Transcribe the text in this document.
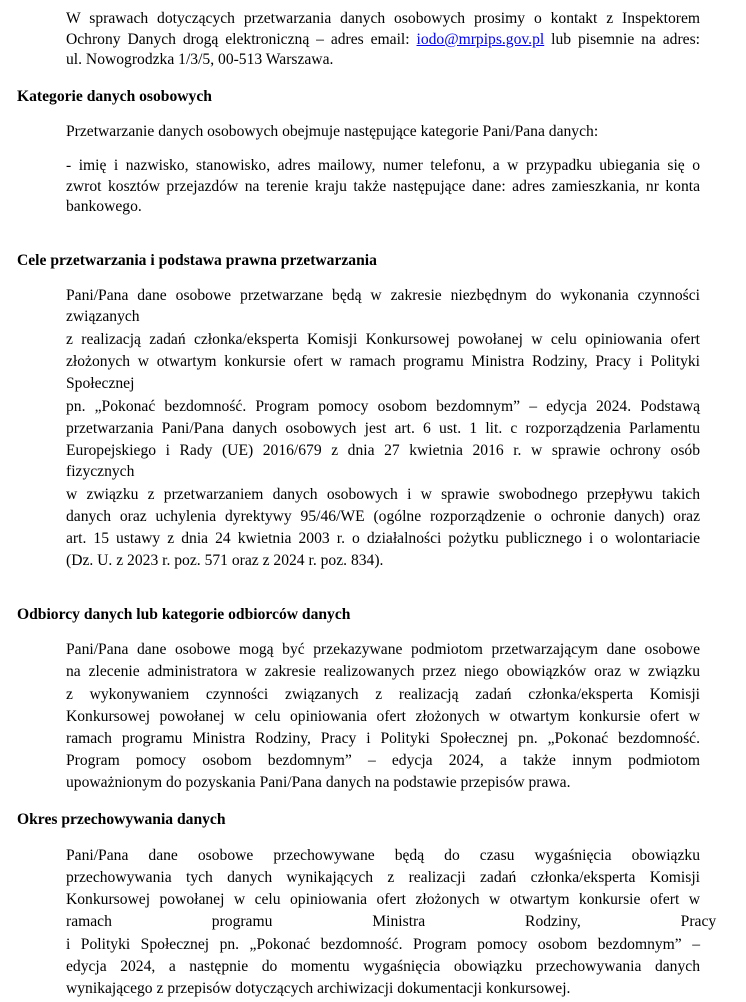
W sprawach dotyczących przetwarzania danych osobowych prosimy o kontakt z Inspektorem
Ochrony Danych drogą elektroniczną – adres email: iodo@mrpips.gov.pl lub pisemnie na adres:
ul. Nowogrodzka 1/3/5, 00-513 Warszawa.
Kategorie danych osobowych
Przetwarzanie danych osobowych obejmuje następujące kategorie Pani/Pana danych:
- imię i nazwisko, stanowisko, adres mailowy, numer telefonu, a w przypadku ubiegania się o
zwrot kosztów przejazdów na terenie kraju także następujące dane: adres zamieszkania, nr konta
bankowego.
Cele przetwarzania i podstawa prawna przetwarzania
Pani/Pana dane osobowe przetwarzane będą w zakresie niezbędnym do wykonania czynności
związanych
z realizacją zadań członka/eksperta Komisji Konkursowej powołanej w celu opiniowania ofert
złożonych w otwartym konkursie ofert w ramach programu Ministra Rodziny, Pracy i Polityki
Społecznej
pn. „Pokonać bezdomność. Program pomocy osobom bezdomnym” – edycja 2024. Podstawą
przetwarzania Pani/Pana danych osobowych jest art. 6 ust. 1 lit. c rozporządzenia Parlamentu
Europejskiego i Rady (UE) 2016/679 z dnia 27 kwietnia 2016 r. w sprawie ochrony osób
fizycznych
w związku z przetwarzaniem danych osobowych i w sprawie swobodnego przepływu takich
danych oraz uchylenia dyrektywy 95/46/WE (ogólne rozporządzenie o ochronie danych) oraz
art. 15 ustawy z dnia 24 kwietnia 2003 r. o działalności pożytku publicznego i o wolontariacie
(Dz. U. z 2023 r. poz. 571 oraz z 2024 r. poz. 834).
Odbiorcy danych lub kategorie odbiorców danych
Pani/Pana dane osobowe mogą być przekazywane podmiotom przetwarzającym dane osobowe
na zlecenie administratora w zakresie realizowanych przez niego obowiązków oraz w związku
z wykonywaniem czynności związanych z realizacją zadań członka/eksperta Komisji
Konkursowej powołanej w celu opiniowania ofert złożonych w otwartym konkursie ofert w
ramach programu Ministra Rodziny, Pracy i Polityki Społecznej pn. „Pokonać bezdomność.
Program pomocy osobom bezdomnym” – edycja 2024, a także innym podmiotom
upoważnionym do pozyskania Pani/Pana danych na podstawie przepisów prawa.
Okres przechowywania danych
Pani/Pana dane osobowe przechowywane będą do czasu wygaśnięcia obowiązku
przechowywania tych danych wynikających z realizacji zadań członka/eksperta Komisji
Konkursowej powołanej w celu opiniowania ofert złożonych w otwartym konkursie ofert w
ramach programu Ministra Rodziny, Pracy
i Polityki Społecznej pn. „Pokonać bezdomność. Program pomocy osobom bezdomnym” –
edycja 2024, a następnie do momentu wygaśnięcia obowiązku przechowywania danych
wynikającego z przepisów dotyczących archiwizacji dokumentacji konkursowej.
